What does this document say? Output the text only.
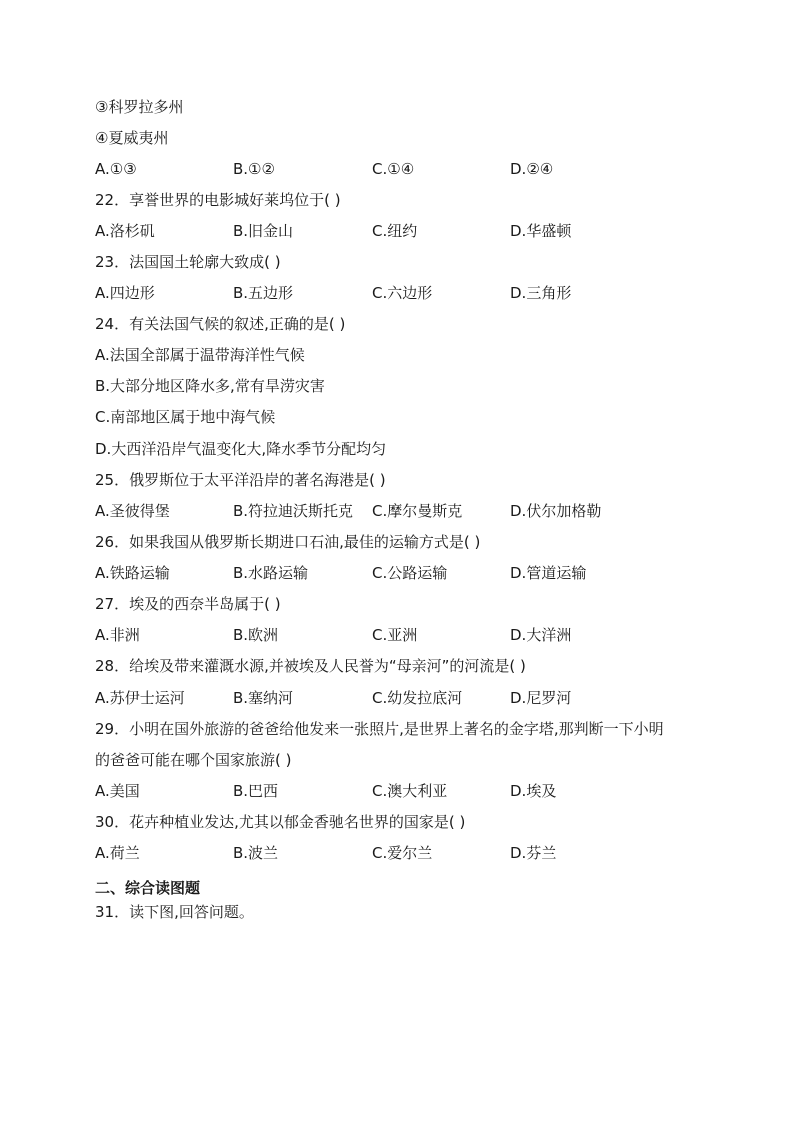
③科罗拉多州
④夏威夷州
A.①③	B.①②	C.①④	D.②④
22．享誉世界的电影城好莱坞位于( )
A.洛杉矶	B.旧金山	C.纽约	D.华盛顿
23．法国国土轮廓大致成( )
A.四边形	B.五边形	C.六边形	D.三角形
24．有关法国气候的叙述,正确的是( )
A.法国全部属于温带海洋性气候
B.大部分地区降水多,常有旱涝灾害
C.南部地区属于地中海气候
D.大西洋沿岸气温变化大,降水季节分配均匀
25．俄罗斯位于太平洋沿岸的著名海港是( )
A.圣彼得堡	B.符拉迪沃斯托克 C.摩尔曼斯克	D.伏尔加格勒
26．如果我国从俄罗斯长期进口石油,最佳的运输方式是( )
A.铁路运输	B.水路运输	C.公路运输	D.管道运输
27．埃及的西奈半岛属于( )
A.非洲	B.欧洲	C.亚洲	D.大洋洲
28．给埃及带来灌溉水源,并被埃及人民誉为“母亲河”的河流是( )
A.苏伊士运河	B.塞纳河	C.幼发拉底河	D.尼罗河
29．小明在国外旅游的爸爸给他发来一张照片,是世界上著名的金字塔,那判断一下小明
的爸爸可能在哪个国家旅游( )
A.美国	B.巴西	C.澳大利亚	D.埃及
30．花卉种植业发达,尤其以郁金香驰名世界的国家是( )
A.荷兰	B.波兰	C.爱尔兰	D.芬兰
二、综合读图题
31．读下图,回答问题。
